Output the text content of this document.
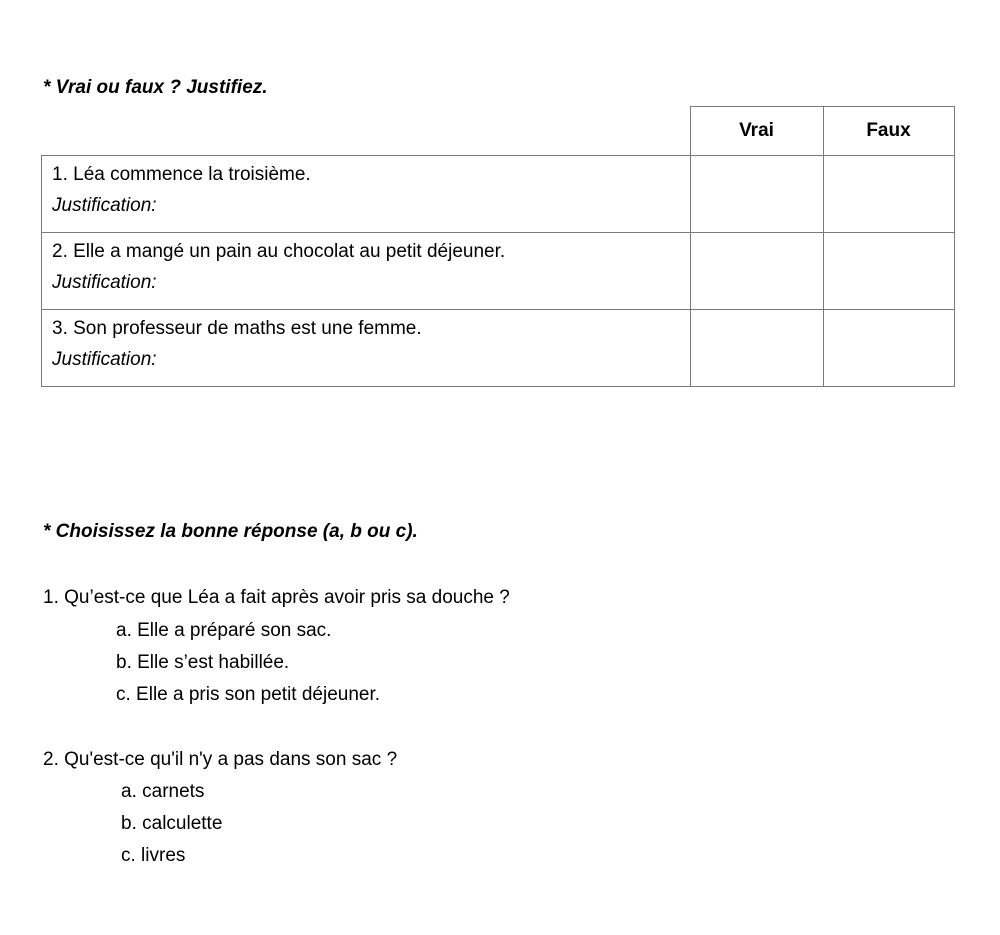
* Vrai ou faux ? Justifiez.
	Vrai	Faux

1. Léa commence la troisième.
Justification:		

2. Elle a mangé un pain au chocolat au petit déjeuner.
Justification:		

3. Son professeur de maths est une femme.
Justification:		

* Choisissez la bonne réponse (a, b ou c).

1. Qu’est-ce que Léa a fait après avoir pris sa douche ?

a. Elle a préparé son sac.

b. Elle s’est habillée.

c. Elle a pris son petit déjeuner.

2. Qu'est-ce qu'il n'y a pas dans son sac ?

a. carnets

b. calculette

c. livres
